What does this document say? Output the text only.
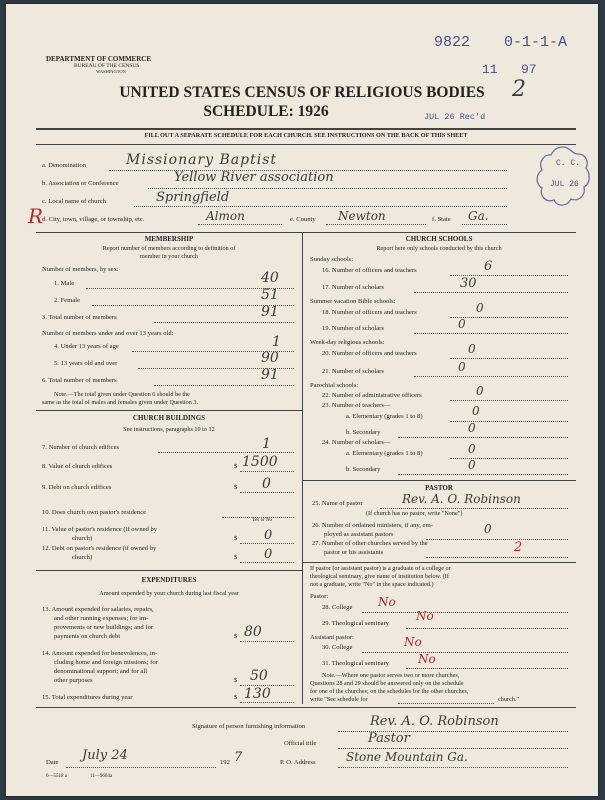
DEPARTMENT OF COMMERCE
BUREAU OF THE CENSUS
WASHINGTON
9822 0-1-1-A
11   97
2
UNITED STATES CENSUS OF RELIGIOUS BODIES
SCHEDULE: 1926	JUL 26 Rec'd
FILL OUT A SEPARATE SCHEDULE FOR EACH CHURCH. SEE INSTRUCTIONS ON THE BACK OF THIS SHEET
C. C.
JUL 26
a. Denomination	Missionary Baptist
b. Association or Conference	Yellow River association
c. Local name of church	Springfield
R
d. City, town, village, or township, etc.	Almon	e. County Newton	f. State Ga.
MEMBERSHIP
Report number of members according to definition of
member in your church
Number of members, by sex:
1. Male	40
2. Female	51
3. Total number of members	91
Number of members under and over 13 years old:
4. Under 13 years of age	1
5. 13 years old and over	90
6. Total number of members	91
Note.—The total given under Question 6 should be the
same as the total of males and females given under Question 3.
CHURCH BUILDINGS
See instructions, paragraphs 10 to 12
7. Number of church edifices	1
8. Value of church edifices	$ 1500
9. Debt on church edifices	$ 0
10. Does church own pastor's residence
Yes or No
11. Value of pastor's residence (if owned by
church)	$ 0
12. Debt on pastor's residence (if owned by
church)	$ 0
EXPENDITURES
Amount expended by your church during last fiscal year
13. Amount expended for salaries, repairs,
and other running expenses; for im-
provements or new buildings; and for
payments on church debt	$ 80
14. Amount expended for benevolences, in-
cluding home and foreign missions; for
denominational support; and for all
other purposes	$ 50
15. Total expenditures during year	$ 130
CHURCH SCHOOLS
Report here only schools conducted by this church
Sunday schools:
16. Number of officers and teachers	6
17. Number of scholars	30
Summer vacation Bible schools:
18. Number of officers and teachers	0
19. Number of scholars	0
Week-day religious schools:
20. Number of officers and teachers	0
21. Number of scholars	0
Parochial schools:
22. Number of administrative officers	0
23. Number of teachers—
a. Elementary (grades 1 to 8)	0
b. Secondary	0
24. Number of scholars—
a. Elementary (grades 1 to 8)	0
b. Secondary	0
PASTOR
25. Name of pastor	Rev. A. O. Robinson
(If church has no pastor, write "None")
26. Number of ordained ministers, if any, em-
ployed as assistant pastors	0
27. Number of other churches served by the
pastor or his assistants	2
If pastor (or assistant pastor) is a graduate of a college or
theological seminary, give name of institution below. (If
not a graduate, write "No" in the space indicated.)
Pastor:
28. College No
29. Theological seminary
No
Assistant pastor:
30. College	No
31. Theological seminary No
Note.—Where one pastor serves two or more churches,
Questions 28 and 29 should be answered only on the schedule
for one of the churches; on the schedules for the other churches,
write "See schedule for	church."
Signature of person furnishing information	Rev. A. O. Robinson
Official title	Pastor
Date July 24	192 7	P. O. Address	Stone Mountain Ga.
6—5518 a	11—9664a
